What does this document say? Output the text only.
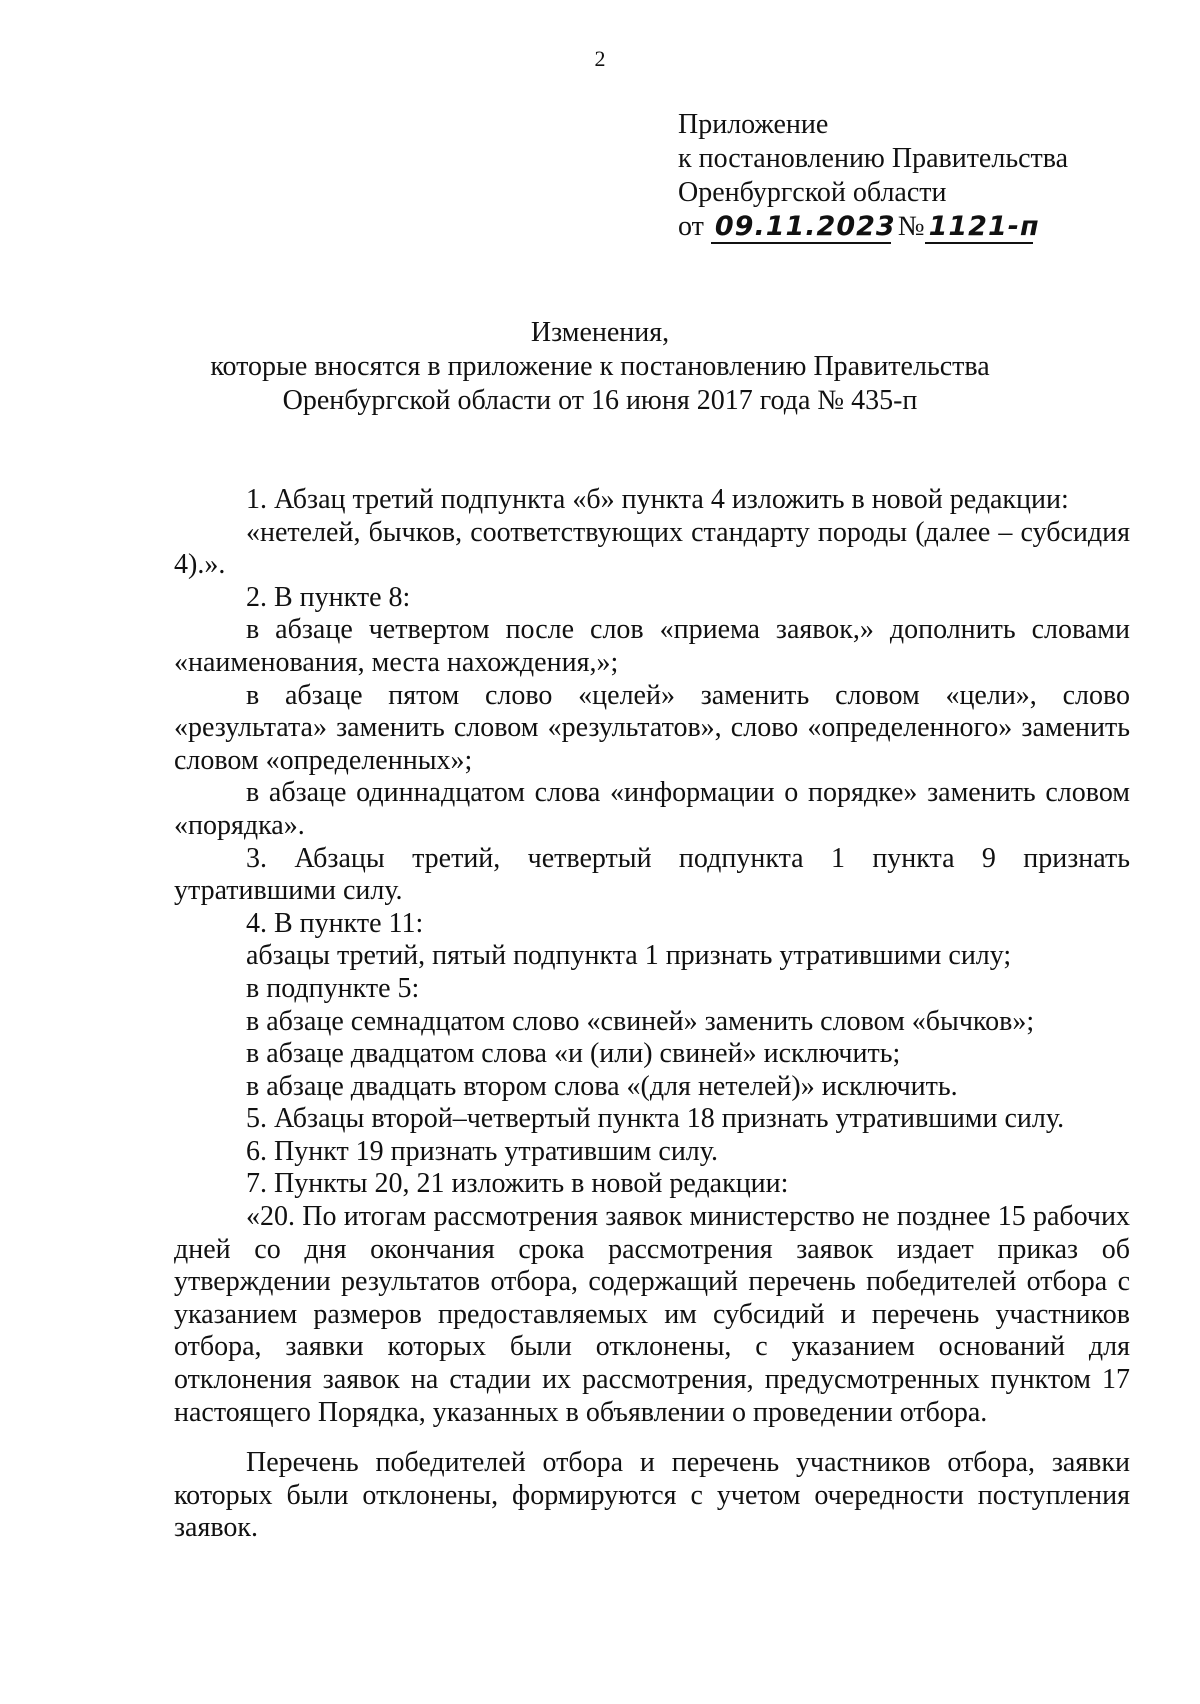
2
Приложение
к постановлению Правительства
Оренбургской области
от 09.11.2023 № 1121-п
Изменения,
которые вносятся в приложение к постановлению Правительства
Оренбургской области от 16 июня 2017 года № 435-п

1. Абзац третий подпункта «б» пункта 4 изложить в новой редакции:

«нетелей, бычков, соответствующих стандарту породы (далее – субсидия 4).».

2. В пункте 8:

в абзаце четвертом после слов «приема заявок,» дополнить словами «наименования, места нахождения,»;

в абзаце пятом слово «целей» заменить словом «цели», слово «результата» заменить словом «результатов», слово «определенного» заменить словом «определенных»;

в абзаце одиннадцатом слова «информации о порядке» заменить словом «порядка».

3. Абзацы третий, четвертый подпункта 1 пункта 9 признать утратившими силу.

4. В пункте 11:

абзацы третий, пятый подпункта 1 признать утратившими силу;

в подпункте 5:

в абзаце семнадцатом слово «свиней» заменить словом «бычков»;

в абзаце двадцатом слова «и (или) свиней» исключить;

в абзаце двадцать втором слова «(для нетелей)» исключить.

5. Абзацы второй–четвертый пункта 18 признать утратившими силу.

6. Пункт 19 признать утратившим силу.

7. Пункты 20, 21 изложить в новой редакции:

«20. По итогам рассмотрения заявок министерство не позднее 15 рабочих дней со дня окончания срока рассмотрения заявок издает приказ об утверждении результатов отбора, содержащий перечень победителей отбора с указанием размеров предоставляемых им субсидий и перечень участников отбора, заявки которых были отклонены, с указанием оснований для отклонения заявок на стадии их рассмотрения, предусмотренных пунктом 17 настоящего Порядка, указанных в объявлении о проведении отбора.

Перечень победителей отбора и перечень участников отбора, заявки которых были отклонены, формируются с учетом очередности поступления заявок.
